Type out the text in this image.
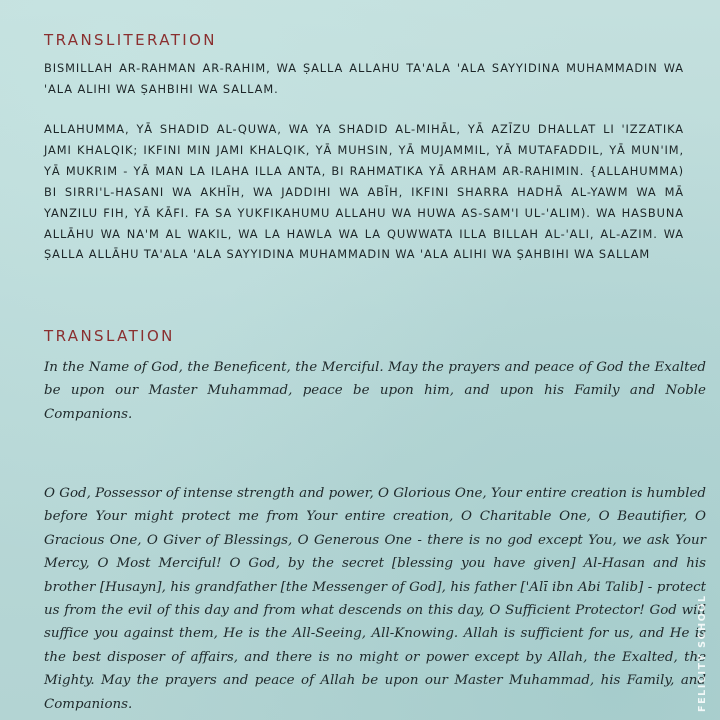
TRANSLITERATION

BISMILLAH AR-RAHMAN AR-RAHIM, WA ṢALLA ALLAHU TA'ALA 'ALA SAYYIDINA MUHAMMADIN WA 'ALA ALIHI WA ṢAHBIHI WA SALLAM.

ALLAHUMMA, YĀ SHADID AL-QUWA, WA YA SHADID AL-MIHĀL, YĀ AZĪZU DHALLAT LI 'IZZATIKA JAMI KHALQIK; IKFINI MIN JAMI KHALQIK, YĀ MUHSIN, YĀ MUJAMMIL, YĀ MUTAFADDIL, YĀ MUN'IM, YĀ MUKRIM - YĀ MAN LA ILAHA ILLA ANTA, BI RAHMATIKA YĀ ARHAM AR-RAHIMIN. {ALLAHUMMA) BI SIRRI'L-HASANI WA AKHĪH, WA JADDIHI WA ABĪH, IKFINI SHARRA HADHĀ AL-YAWM WA MĀ YANZILU FIH, YĀ KĀFI. FA SA YUKFIKAHUMU ALLAHU WA HUWA AS-SAM'I UL-'ALIM). WA HASBUNA ALLĀHU WA NA'M AL WAKIL, WA LA HAWLA WA LA QUWWATA ILLA BILLAH AL-'ALI, AL-AZIM. WA ṢALLA ALLĀHU TA'ALA 'ALA SAYYIDINA MUHAMMADIN WA 'ALA ALIHI WA ṢAHBIHI WA SALLAM

TRANSLATION

In the Name of God, the Beneficent, the Merciful. May the prayers and peace of God the Exalted be upon our Master Muhammad, peace be upon him, and upon his Family and Noble Companions.

O God, Possessor of intense strength and power, O Glorious One, Your entire creation is humbled before Your might protect me from Your entire creation, O Charitable One, O Beautifier, O Gracious One, O Giver of Blessings, O Generous One - there is no god except You, we ask Your Mercy, O Most Merciful! O God, by the secret [blessing you have given] Al-Hasan and his brother [Husayn], his grandfather [the Messenger of God], his father ['Alī ibn Abi Talib] - protect us from the evil of this day and from what descends on this day, O Sufficient Protector! God will suffice you against them, He is the All-Seeing, All-Knowing. Allah is sufficient for us, and He is the best disposer of affairs, and there is no might or power except by Allah, the Exalted, the Mighty. May the prayers and peace of Allah be upon our Master Muhammad, his Family, and Companions.	FELICITY SCHOOL
